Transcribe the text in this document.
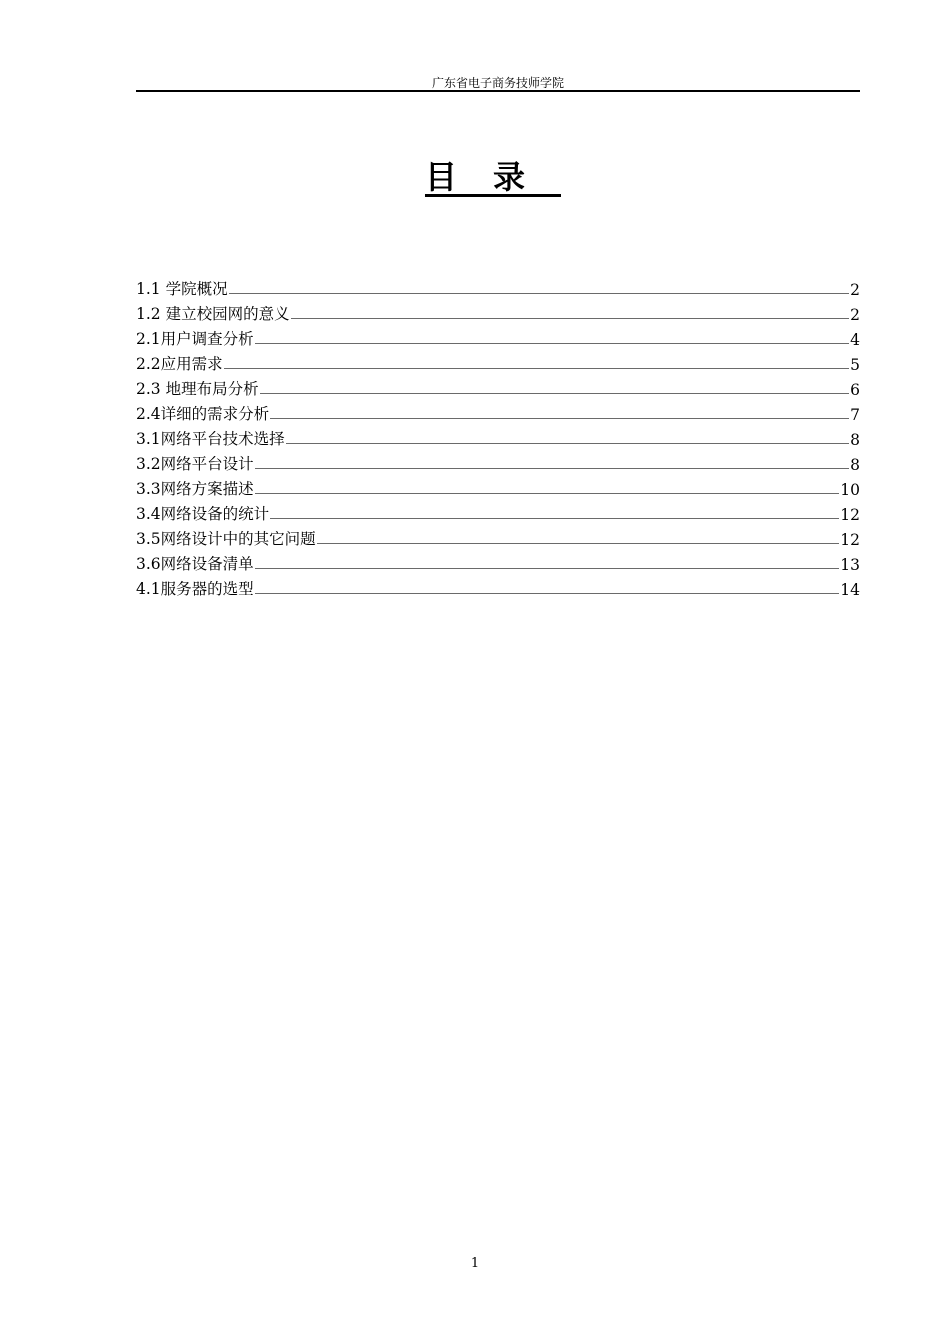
广东省电子商务技师学院
目录
1.1 学院概况	2
1.2 建立校园网的意义	2
2.1用户调查分析	4
2.2应用需求	5
2.3 地理布局分析	6
2.4详细的需求分析	7
3.1网络平台技术选择	8
3.2网络平台设计	8
3.3网络方案描述	10
3.4网络设备的统计	12
3.5网络设计中的其它问题	12
3.6网络设备清单	13
4.1服务器的选型	14
1
